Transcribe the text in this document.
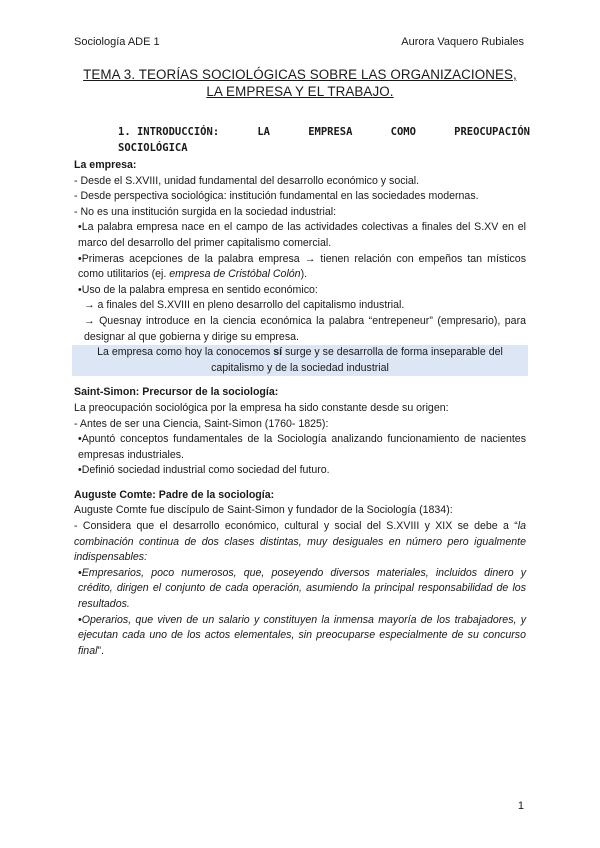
Sociología ADE 1	Aurora Vaquero Rubiales
TEMA 3. TEORÍAS SOCIOLÓGICAS SOBRE LAS ORGANIZACIONES,
LA EMPRESA Y EL TRABAJO.
1. INTRODUCCIÓN:	LA	EMPRESA	COMO	PREOCUPACIÓN
SOCIOLÓGICA

La empresa:

- Desde el S.XVIII, unidad fundamental del desarrollo económico y social.

- Desde perspectiva sociológica: institución fundamental en las sociedades modernas.

- No es una institución surgida en la sociedad industrial:

•La palabra empresa nace en el campo de las actividades colectivas a finales del S.XV en el marco del desarrollo del primer capitalismo comercial.

•Primeras acepciones de la palabra empresa → tienen relación con empeños tan místicos como utilitarios (ej. empresa de Cristóbal Colón).

•Uso de la palabra empresa en sentido económico:

→ a finales del S.XVIII en pleno desarrollo del capitalismo industrial.

→ Quesnay introduce en la ciencia económica la palabra “entrepeneur” (empresario), para designar al que gobierna y dirige su empresa.

La empresa como hoy la conocemos sí surge y se desarrolla de forma inseparable del capitalismo y de la sociedad industrial

Saint-Simon: Precursor de la sociología:

La preocupación sociológica por la empresa ha sido constante desde su origen:

- Antes de ser una Ciencia, Saint-Simon (1760- 1825):

•Apuntó conceptos fundamentales de la Sociología analizando funcionamiento de nacientes empresas industriales.

•Definió sociedad industrial como sociedad del futuro.

Auguste Comte: Padre de la sociología:

Auguste Comte fue discípulo de Saint-Simon y fundador de la Sociología (1834):

- Considera que el desarrollo económico, cultural y social del S.XVIII y XIX se debe a “la combinación continua de dos clases distintas, muy desiguales en número pero igualmente indispensables:

•Empresarios, poco numerosos, que, poseyendo diversos materiales, incluidos dinero y crédito, dirigen el conjunto de cada operación, asumiendo la principal responsabilidad de los resultados.

•Operarios, que viven de un salario y constituyen la inmensa mayoría de los trabajadores, y ejecutan cada uno de los actos elementales, sin preocuparse especialmente de su concurso final”.

1
